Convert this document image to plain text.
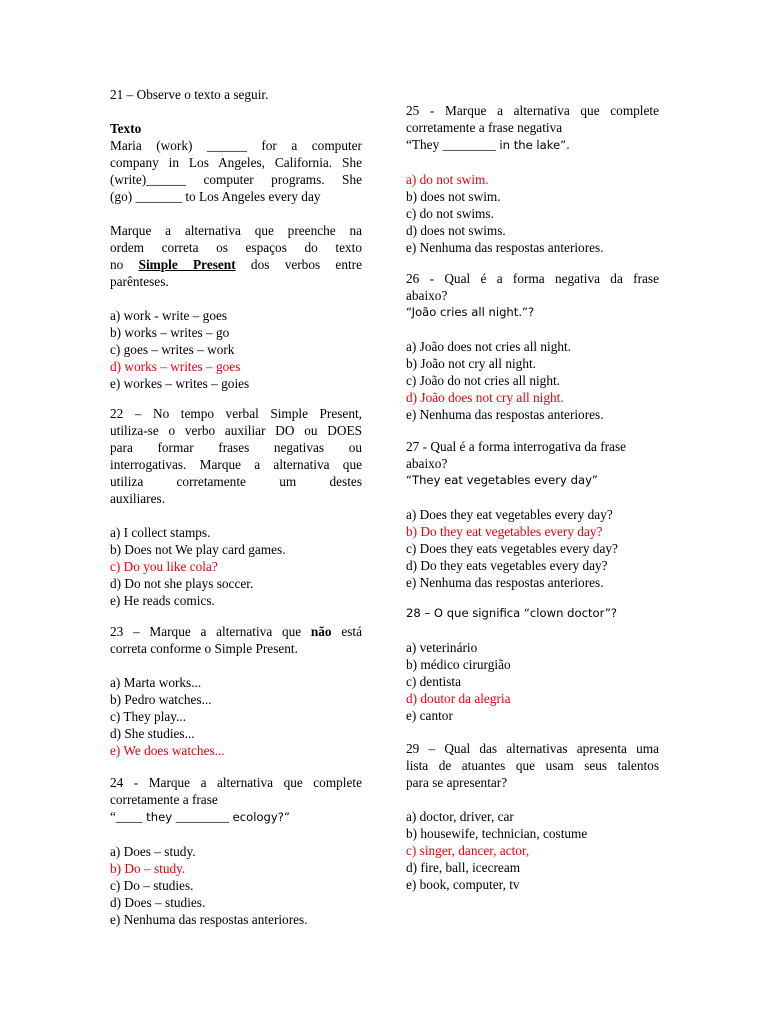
21 – Observe o texto a seguir.

Texto

Maria (work) ______ for a computer

company in Los Angeles, California. She

(write)______ computer programs. She

(go) _______ to Los Angeles every day

Marque a alternativa que preenche na

ordem correta os espaços do texto

no Simple Present dos verbos entre

parênteses.

a) work - write – goes

b) works – writes – go

c) goes – writes – work

d) works – writes – goes

e) workes – writes – goies

22 – No tempo verbal Simple Present,

utiliza-se o verbo auxiliar DO ou DOES

para formar frases negativas ou

interrogativas. Marque a alternativa que

utiliza corretamente um destes

auxiliares.

a) I collect stamps.

b) Does not We play card games.

c) Do you like cola?

d) Do not she plays soccer.

e) He reads comics.

23 – Marque a alternativa que não está

correta conforme o Simple Present.

a) Marta works...

b) Pedro watches...

c) They play...

d) She studies...

e) We does watches...

24 - Marque a alternativa que complete

corretamente a frase

“____ they ________ ecology?”

a) Does – study.

b) Do – study.

c) Do – studies.

d) Does – studies.

e) Nenhuma das respostas anteriores.

25 - Marque a alternativa que complete

corretamente a frase negativa

“They ________ in the lake”.

a) do not swim.

b) does not swim.

c) do not swims.

d) does not swims.

e) Nenhuma das respostas anteriores.

26 - Qual é a forma negativa da frase

abaixo?

“João cries all night.”?

a) João does not cries all night.

b) João not cry all night.

c) João do not cries all night.

d) João does not cry all night.

e) Nenhuma das respostas anteriores.

27 - Qual é a forma interrogativa da frase

abaixo?

“They eat vegetables every day”

a) Does they eat vegetables every day?

b) Do they eat vegetables every day?

c) Does they eats vegetables every day?

d) Do they eats vegetables every day?

e) Nenhuma das respostas anteriores.

28 – O que significa “clown doctor”?

a) veterinário

b) médico cirurgião

c) dentista

d) doutor da alegria

e) cantor

29 – Qual das alternativas apresenta uma

lista de atuantes que usam seus talentos

para se apresentar?

a) doctor, driver, car

b) housewife, technician, costume

c) singer, dancer, actor,

d) fire, ball, icecream

e) book, computer, tv
